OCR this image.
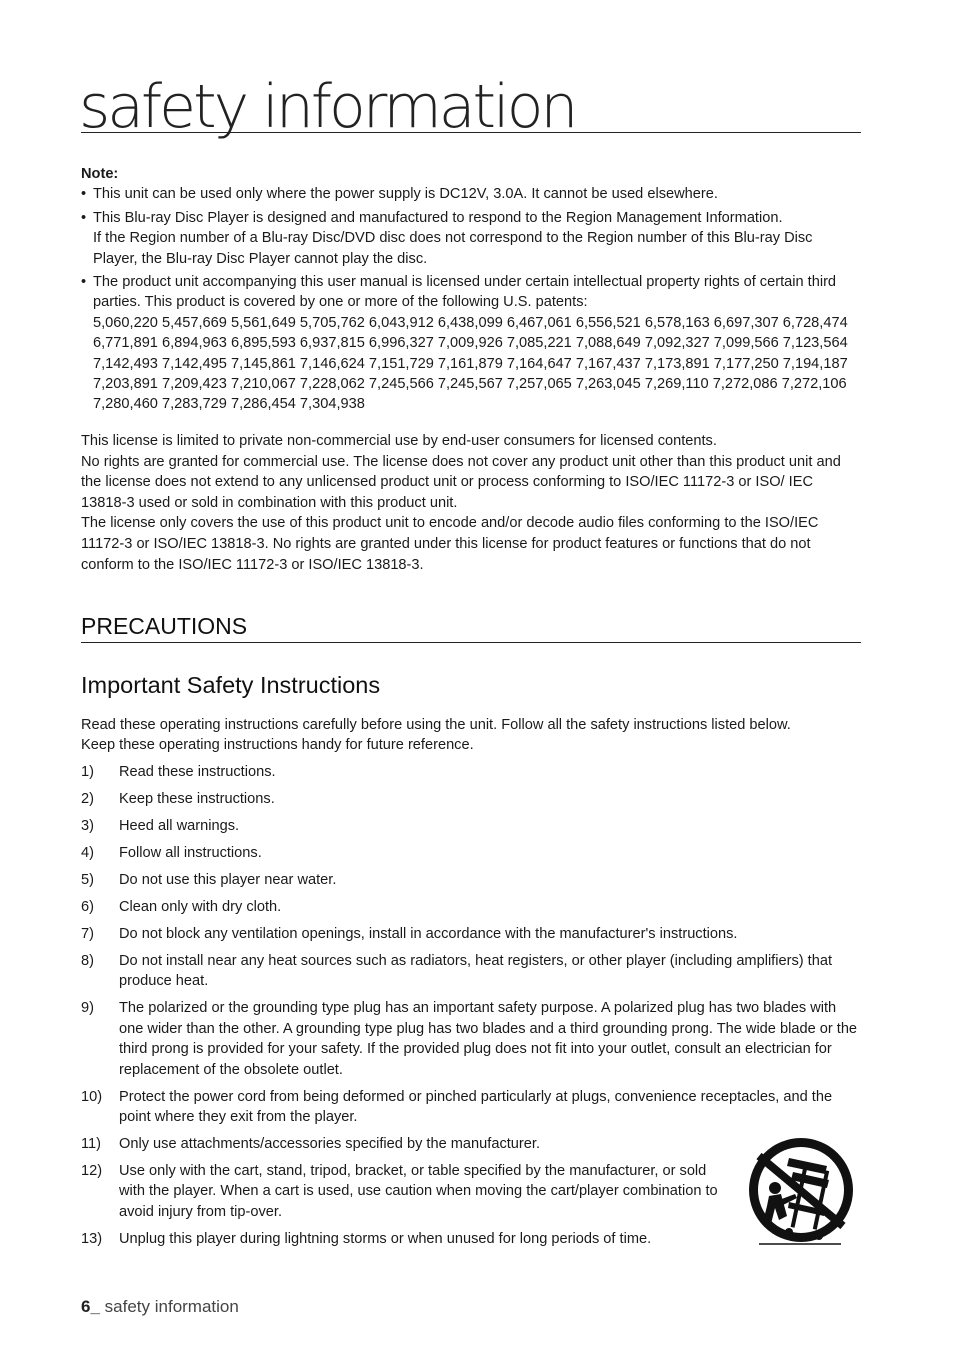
safety information
Note:
• This unit can be used only where the power supply is DC12V, 3.0A. It cannot be used elsewhere.
• This Blu-ray Disc Player is designed and manufactured to respond to the Region Management Information.
If the Region number of a Blu-ray Disc/DVD disc does not correspond to the Region number of this Blu-ray Disc Player, the Blu-ray Disc Player cannot play the disc.
• The product unit accompanying this user manual is licensed under certain intellectual property rights of certain third parties. This product is covered by one or more of the following U.S. patents:
5,060,220 5,457,669 5,561,649 5,705,762 6,043,912 6,438,099 6,467,061 6,556,521 6,578,163 6,697,307 6,728,474 6,771,891 6,894,963 6,895,593 6,937,815 6,996,327 7,009,926 7,085,221 7,088,649 7,092,327 7,099,566 7,123,564 7,142,493 7,142,495 7,145,861 7,146,624 7,151,729 7,161,879 7,164,647 7,167,437 7,173,891 7,177,250 7,194,187 7,203,891 7,209,423 7,210,067 7,228,062 7,245,566 7,245,567 7,257,065 7,263,045 7,269,110 7,272,086 7,272,106 7,280,460 7,283,729 7,286,454 7,304,938

This license is limited to private non-commercial use by end-user consumers for licensed contents.

No rights are granted for commercial use. The license does not cover any product unit other than this product unit and the license does not extend to any unlicensed product unit or process conforming to ISO/IEC 11172-3 or ISO/ IEC 13818-3 used or sold in combination with this product unit.

The license only covers the use of this product unit to encode and/or decode audio files conforming to the ISO/IEC 11172-3 or ISO/IEC 13818-3. No rights are granted under this license for product features or functions that do not conform to the ISO/IEC 11172-3 or ISO/IEC 13818-3.

PRECAUTIONS
Important Safety Instructions

Read these operating instructions carefully before using the unit. Follow all the safety instructions listed below.

Keep these operating instructions handy for future reference.

1) Read these instructions.
2) Keep these instructions.
3) Heed all warnings.
4) Follow all instructions.
5) Do not use this player near water.
6) Clean only with dry cloth.
7) Do not block any ventilation openings, install in accordance with the manufacturer's instructions.
8) Do not install near any heat sources such as radiators, heat registers, or other player (including amplifiers) that produce heat.
9) The polarized or the grounding type plug has an important safety purpose. A polarized plug has two blades with one wider than the other. A grounding type plug has two blades and a third grounding prong. The wide blade or the third prong is provided for your safety. If the provided plug does not fit into your outlet, consult an electrician for replacement of the obsolete outlet.
10) Protect the power cord from being deformed or pinched particularly at plugs, convenience receptacles, and the point where they exit from the player.
11) Only use attachments/accessories specified by the manufacturer.
12) Use only with the cart, stand, tripod, bracket, or table specified by the manufacturer, or sold with the player. When a cart is used, use caution when moving the cart/player combination to avoid injury from tip-over.
13) Unplug this player during lightning storms or when unused for long periods of time.
6_ safety information
